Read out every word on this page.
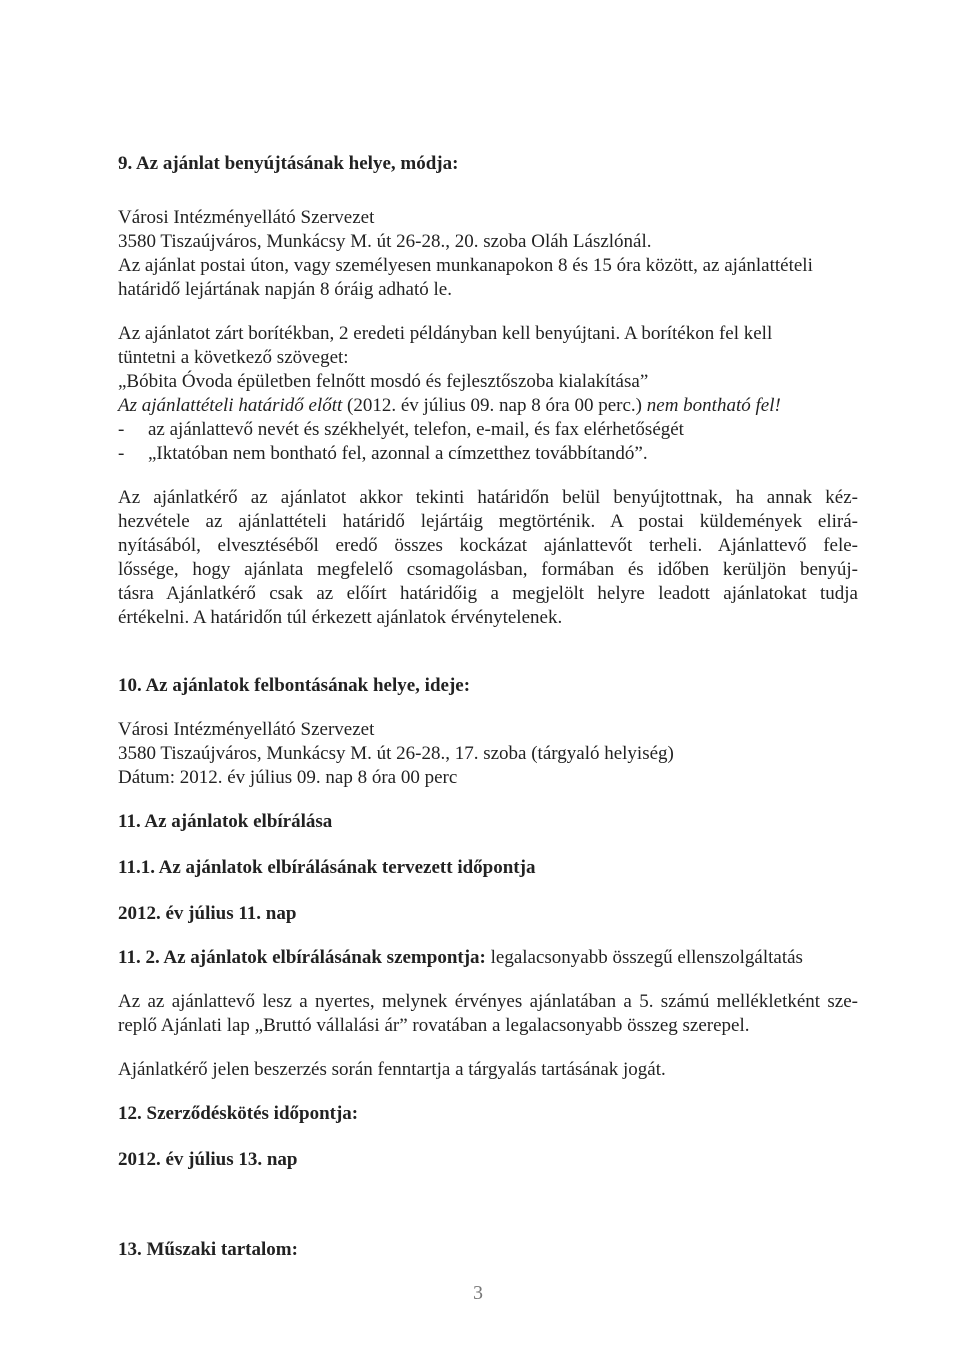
9. Az ajánlat benyújtásának helye, módja:
Városi Intézményellátó Szervezet
3580 Tiszaújváros, Munkácsy M. út 26-28., 20. szoba Oláh Lászlónál.
Az ajánlat postai úton, vagy személyesen munkanapokon 8 és 15 óra között, az ajánlattételi
határidő lejártának napján 8 óráig adható le.
Az ajánlatot zárt borítékban, 2 eredeti példányban kell benyújtani. A borítékon fel kell
tüntetni a következő szöveget:
„Bóbita Óvoda épületben felnőtt mosdó és fejlesztőszoba kialakítása”
Az ajánlattételi határidő előtt (2012. év július 09. nap 8 óra 00 perc.) nem bontható fel!
- az ajánlattevő nevét és székhelyét, telefon, e-mail, és fax elérhetőségét
- „Iktatóban nem bontható fel, azonnal a címzetthez továbbítandó”.
Az ajánlatkérő az ajánlatot akkor tekinti határidőn belül benyújtottnak, ha annak kéz-
hezvétele az ajánlattételi határidő lejártáig megtörténik. A postai küldemények elirá-
nyításából, elvesztéséből eredő összes kockázat ajánlattevőt terheli. Ajánlattevő fele-
lőssége, hogy ajánlata megfelelő csomagolásban, formában és időben kerüljön benyúj-
tásra Ajánlatkérő csak az előírt határidőig a megjelölt helyre leadott ajánlatokat tudja
értékelni. A határidőn túl érkezett ajánlatok érvénytelenek.
10. Az ajánlatok felbontásának helye, ideje:
Városi Intézményellátó Szervezet
3580 Tiszaújváros, Munkácsy M. út 26-28., 17. szoba (tárgyaló helyiség)
Dátum: 2012. év július 09. nap 8 óra 00 perc
11. Az ajánlatok elbírálása
11.1. Az ajánlatok elbírálásának tervezett időpontja
2012. év július 11. nap
11. 2. Az ajánlatok elbírálásának szempontja: legalacsonyabb összegű ellenszolgáltatás
Az az ajánlattevő lesz a nyertes, melynek érvényes ajánlatában a 5. számú mellékletként sze-
replő Ajánlati lap „Bruttó vállalási ár” rovatában a legalacsonyabb összeg szerepel.
Ajánlatkérő jelen beszerzés során fenntartja a tárgyalás tartásának jogát.
12. Szerződéskötés időpontja:
2012. év július 13. nap
13. Műszaki tartalom:
3
